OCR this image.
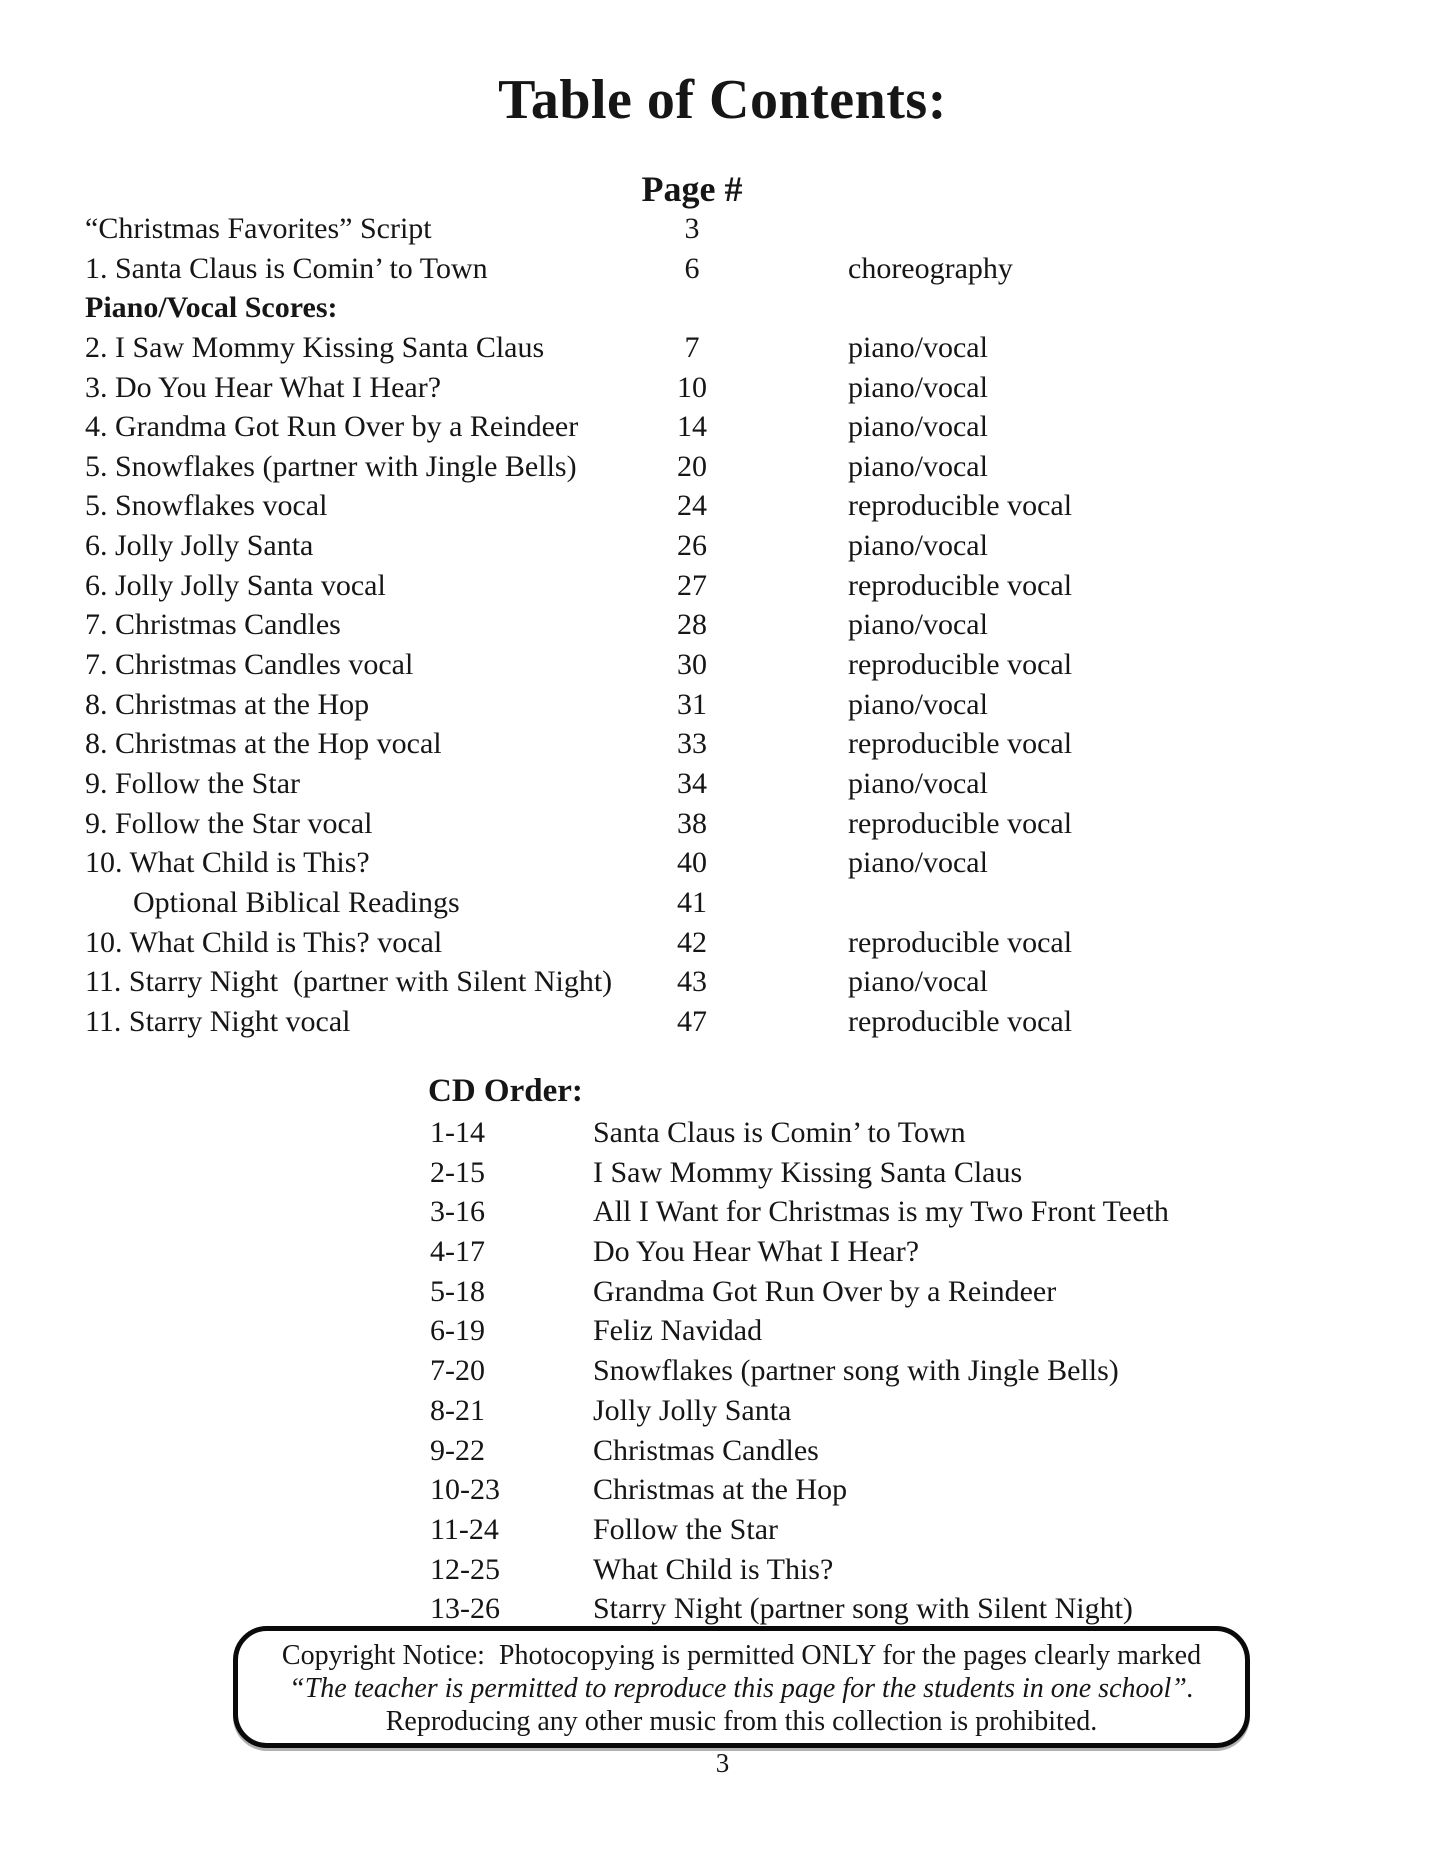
Table of Contents:
Page #
“Christmas Favorites” Script	3
1. Santa Claus is Comin’ to Town	6	choreography
Piano/Vocal Scores:
2. I Saw Mommy Kissing Santa Claus	7	piano/vocal
3. Do You Hear What I Hear?	10	piano/vocal
4. Grandma Got Run Over by a Reindeer	14	piano/vocal
5. Snowflakes (partner with Jingle Bells)	20	piano/vocal
5. Snowflakes vocal	24	reproducible vocal
6. Jolly Jolly Santa	26	piano/vocal
6. Jolly Jolly Santa vocal	27	reproducible vocal
7. Christmas Candles	28	piano/vocal
7. Christmas Candles vocal	30	reproducible vocal
8. Christmas at the Hop	31	piano/vocal
8. Christmas at the Hop vocal	33	reproducible vocal
9. Follow the Star	34	piano/vocal
9. Follow the Star vocal	38	reproducible vocal
10. What Child is This?	40	piano/vocal
Optional Biblical Readings	41
10. What Child is This? vocal	42	reproducible vocal
11. Starry Night  (partner with Silent Night)	43	piano/vocal
11. Starry Night vocal	47	reproducible vocal
CD Order:
1-14	Santa Claus is Comin’ to Town
2-15	I Saw Mommy Kissing Santa Claus
3-16	All I Want for Christmas is my Two Front Teeth
4-17	Do You Hear What I Hear?
5-18	Grandma Got Run Over by a Reindeer
6-19	Feliz Navidad
7-20	Snowflakes (partner song with Jingle Bells)
8-21	Jolly Jolly Santa
9-22	Christmas Candles
10-23	Christmas at the Hop
11-24	Follow the Star
12-25	What Child is This?
13-26	Starry Night (partner song with Silent Night)
Copyright Notice:  Photocopying is permitted ONLY for the pages clearly marked
“The teacher is permitted to reproduce this page for the students in one school”.
Reproducing any other music from this collection is prohibited.
3
